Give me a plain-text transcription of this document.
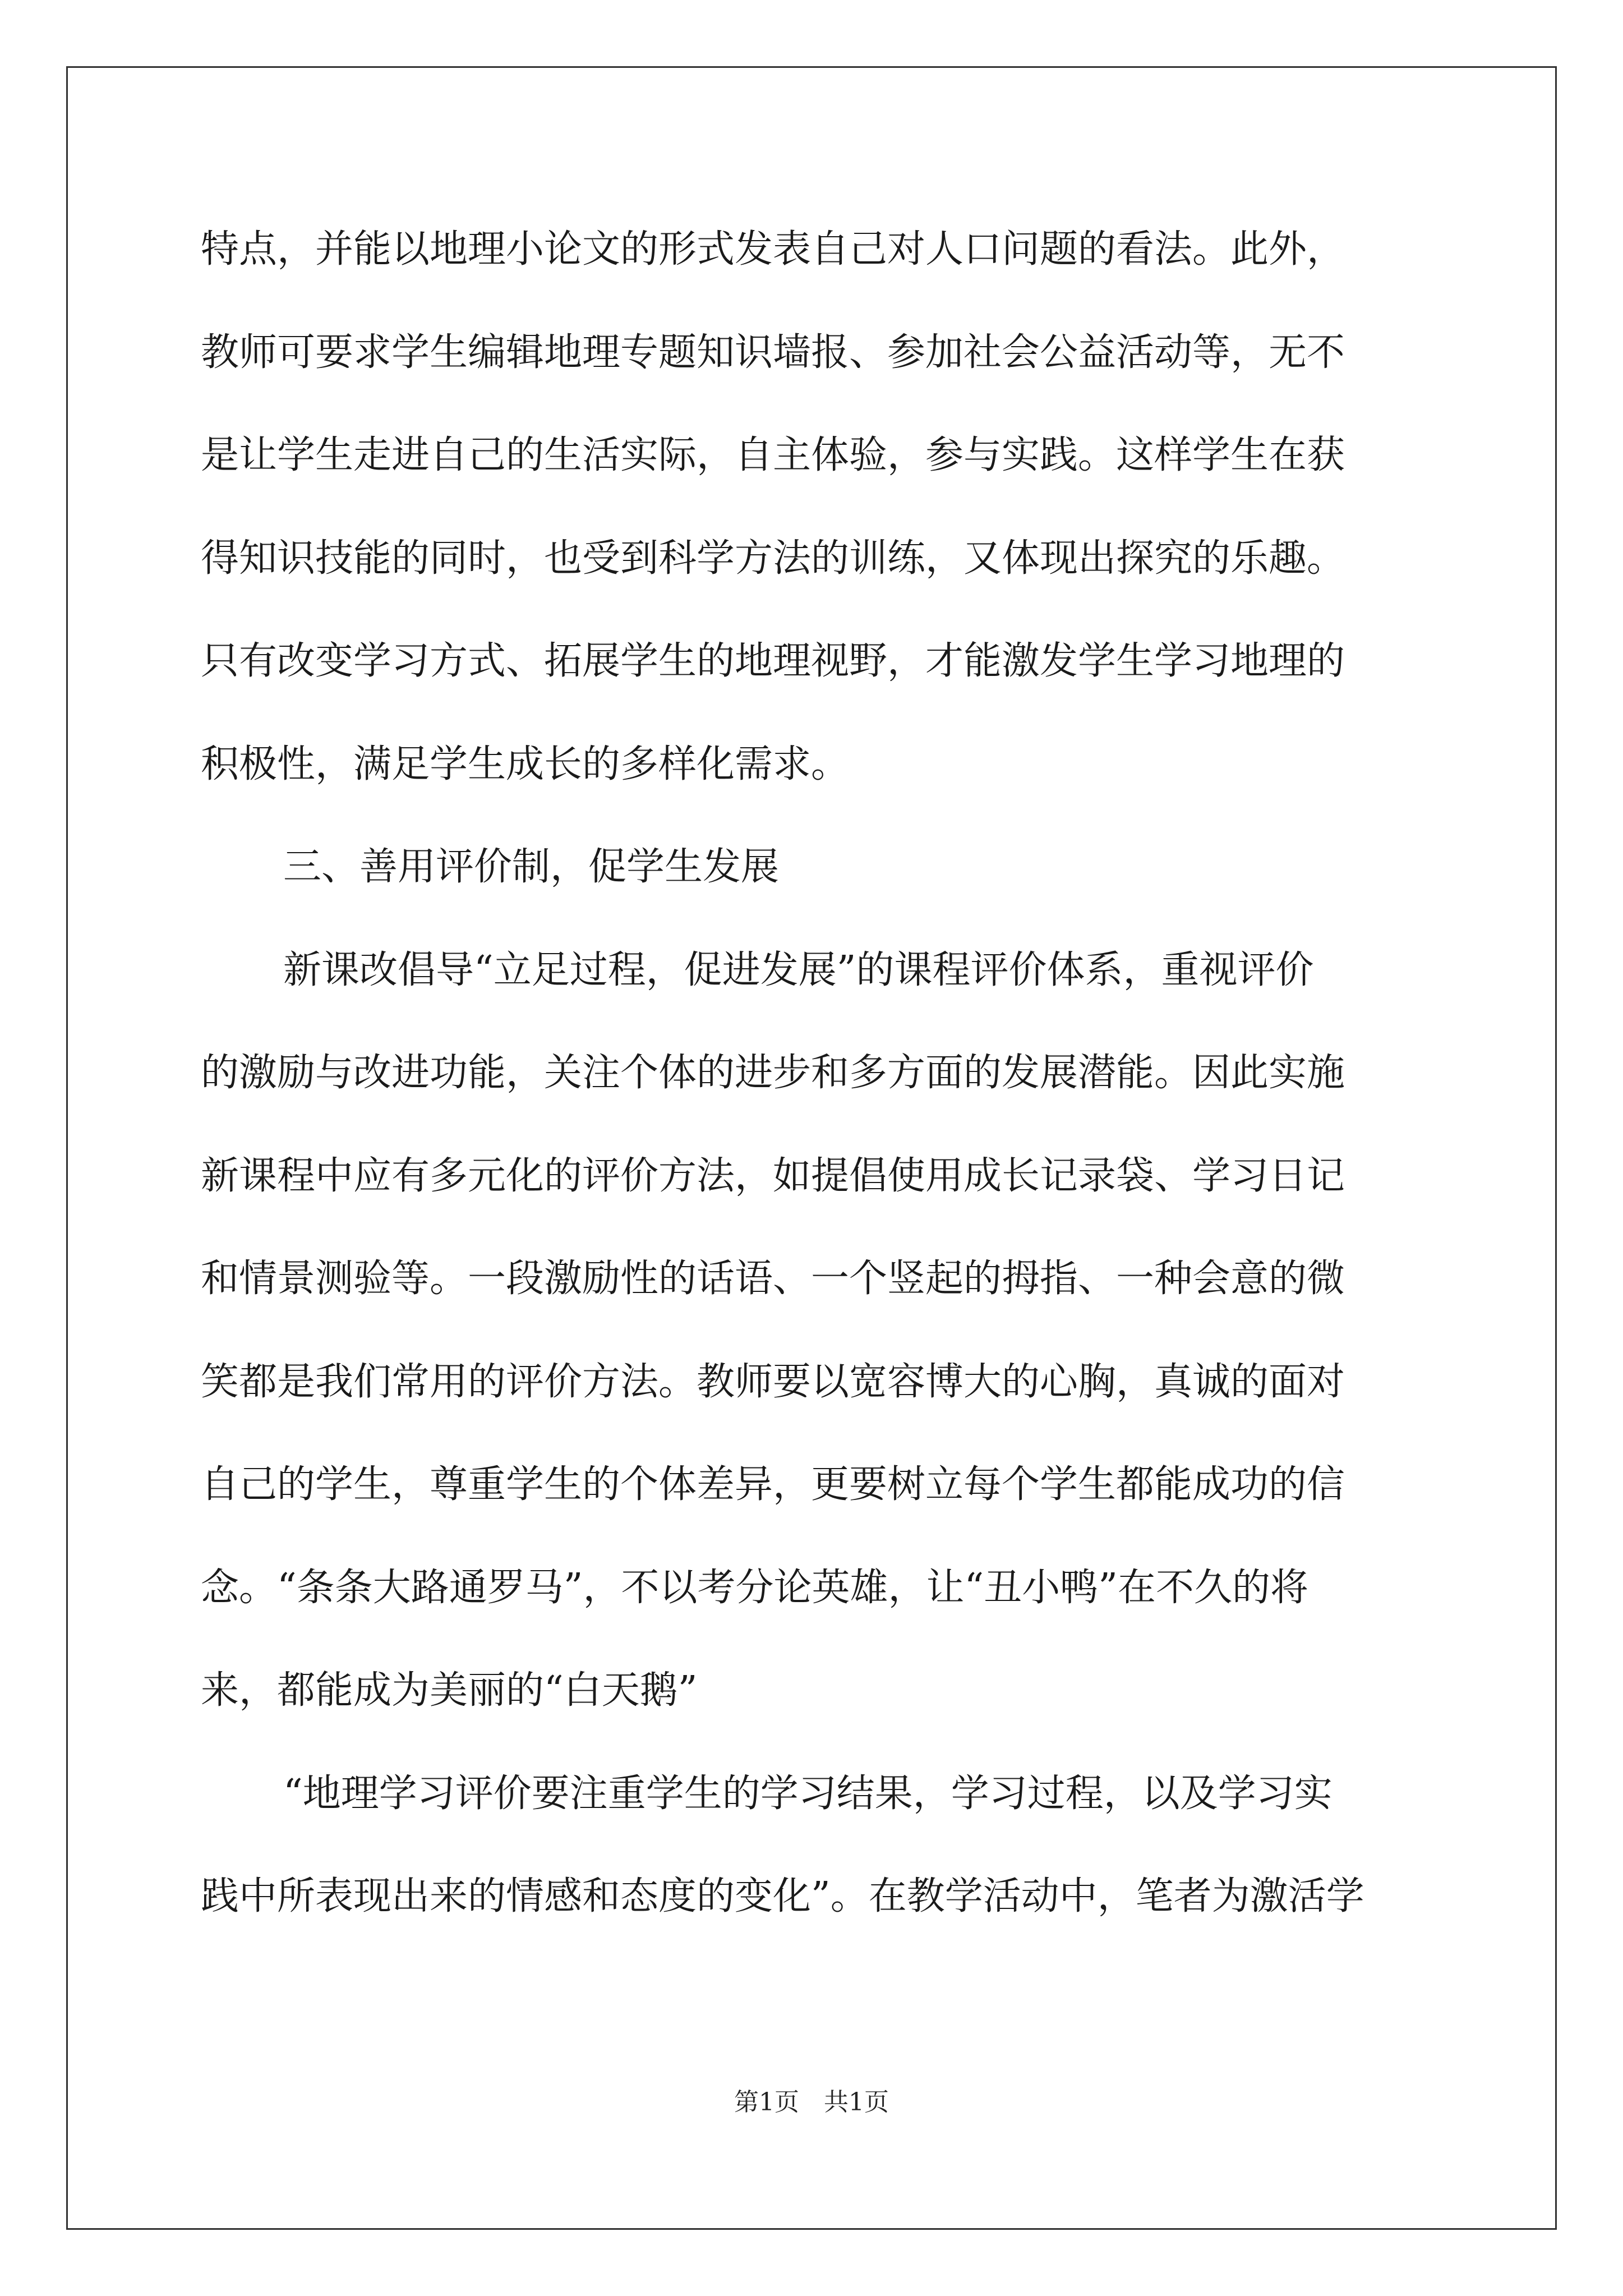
特点，并能以地理小论文的形式发表自己对人口问题的看法。此外，
教师可要求学生编辑地理专题知识墙报、参加社会公益活动等，无不
是让学生走进自己的生活实际，自主体验，参与实践。这样学生在获
得知识技能的同时，也受到科学方法的训练，又体现出探究的乐趣。
只有改变学习方式、拓展学生的地理视野，才能激发学生学习地理的
积极性，满足学生成长的多样化需求。
三、善用评价制，促学生发展
新课改倡导“立足过程，促进发展”的课程评价体系，重视评价
的激励与改进功能，关注个体的进步和多方面的发展潜能。因此实施
新课程中应有多元化的评价方法，如提倡使用成长记录袋、学习日记
和情景测验等。一段激励性的话语、一个竖起的拇指、一种会意的微
笑都是我们常用的评价方法。教师要以宽容博大的心胸，真诚的面对
自己的学生，尊重学生的个体差异，更要树立每个学生都能成功的信
念。“条条大路通罗马”，不以考分论英雄，让“丑小鸭”在不久的将
来，都能成为美丽的“白天鹅”
“地理学习评价要注重学生的学习结果，学习过程，以及学习实
践中所表现出来的情感和态度的变化”。在教学活动中，笔者为激活学
第1页　共1页
